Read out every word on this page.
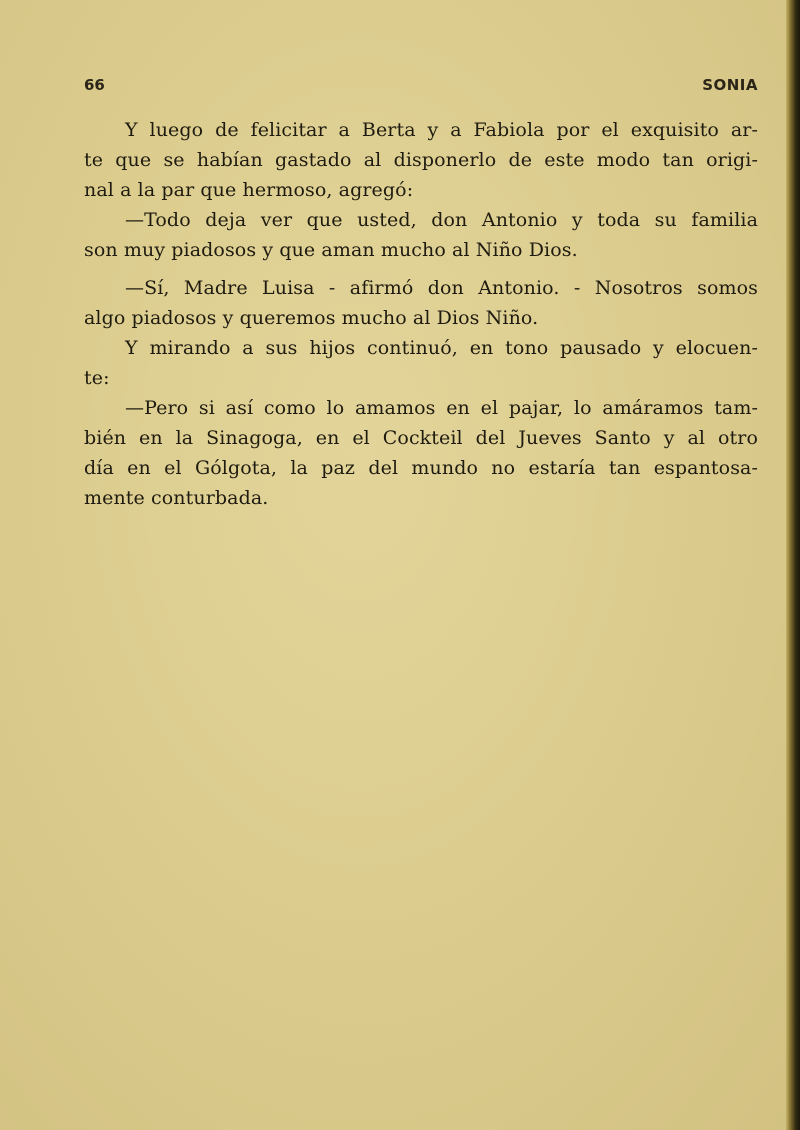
66	SONIA
Y luego de felicitar a Berta y a Fabiola por el exquisito ar-
te que se habían gastado al disponerlo de este modo tan origi-
nal a la par que hermoso, agregó:
—Todo deja ver que usted, don Antonio y toda su familia
son muy piadosos y que aman mucho al Niño Dios.
—Sí, Madre Luisa - afirmó don Antonio. - Nosotros somos
algo piadosos y queremos mucho al Dios Niño.
Y mirando a sus hijos continuó, en tono pausado y elocuen-
te:
—Pero si así como lo amamos en el pajar, lo amáramos tam-
bién en la Sinagoga, en el Cockteil del Jueves Santo y al otro
día en el Gólgota, la paz del mundo no estaría tan espantosa-
mente conturbada.
